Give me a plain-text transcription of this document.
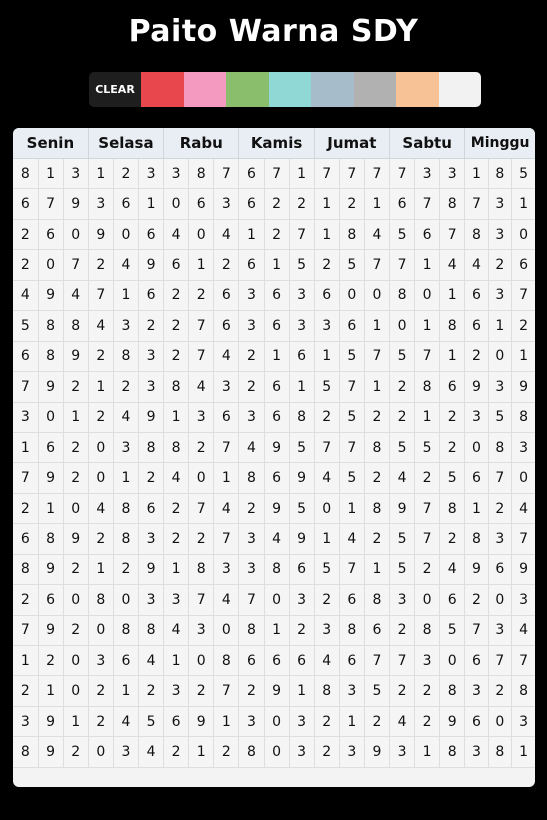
Paito Warna SDY
CLEAR
Senin			Selasa			Rabu			Kamis			Jumat			Sabtu			Minggu		
8	1	3	1	2	3	3	8	7	6	7	1	7	7	7	7	3	3	1	8	5
6	7	9	3	6	1	0	6	3	6	2	2	1	2	1	6	7	8	7	3	1
2	6	0	9	0	6	4	0	4	1	2	7	1	8	4	5	6	7	8	3	0
2	0	7	2	4	9	6	1	2	6	1	5	2	5	7	7	1	4	4	2	6
4	9	4	7	1	6	2	2	6	3	6	3	6	0	0	8	0	1	6	3	7
5	8	8	4	3	2	2	7	6	3	6	3	3	6	1	0	1	8	6	1	2
6	8	9	2	8	3	2	7	4	2	1	6	1	5	7	5	7	1	2	0	1
7	9	2	1	2	3	8	4	3	2	6	1	5	7	1	2	8	6	9	3	9
3	0	1	2	4	9	1	3	6	3	6	8	2	5	2	2	1	2	3	5	8
1	6	2	0	3	8	8	2	7	4	9	5	7	7	8	5	5	2	0	8	3
7	9	2	0	1	2	4	0	1	8	6	9	4	5	2	4	2	5	6	7	0
2	1	0	4	8	6	2	7	4	2	9	5	0	1	8	9	7	8	1	2	4
6	8	9	2	8	3	2	2	7	3	4	9	1	4	2	5	7	2	8	3	7
8	9	2	1	2	9	1	8	3	3	8	6	5	7	1	5	2	4	9	6	9
2	6	0	8	0	3	3	7	4	7	0	3	2	6	8	3	0	6	2	0	3
7	9	2	0	8	8	4	3	0	8	1	2	3	8	6	2	8	5	7	3	4
1	2	0	3	6	4	1	0	8	6	6	6	4	6	7	7	3	0	6	7	7
2	1	0	2	1	2	3	2	7	2	9	1	8	3	5	2	2	8	3	2	8
3	9	1	2	4	5	6	9	1	3	0	3	2	1	2	4	2	9	6	0	3
8	9	2	0	3	4	2	1	2	8	0	3	2	3	9	3	1	8	3	8	1
